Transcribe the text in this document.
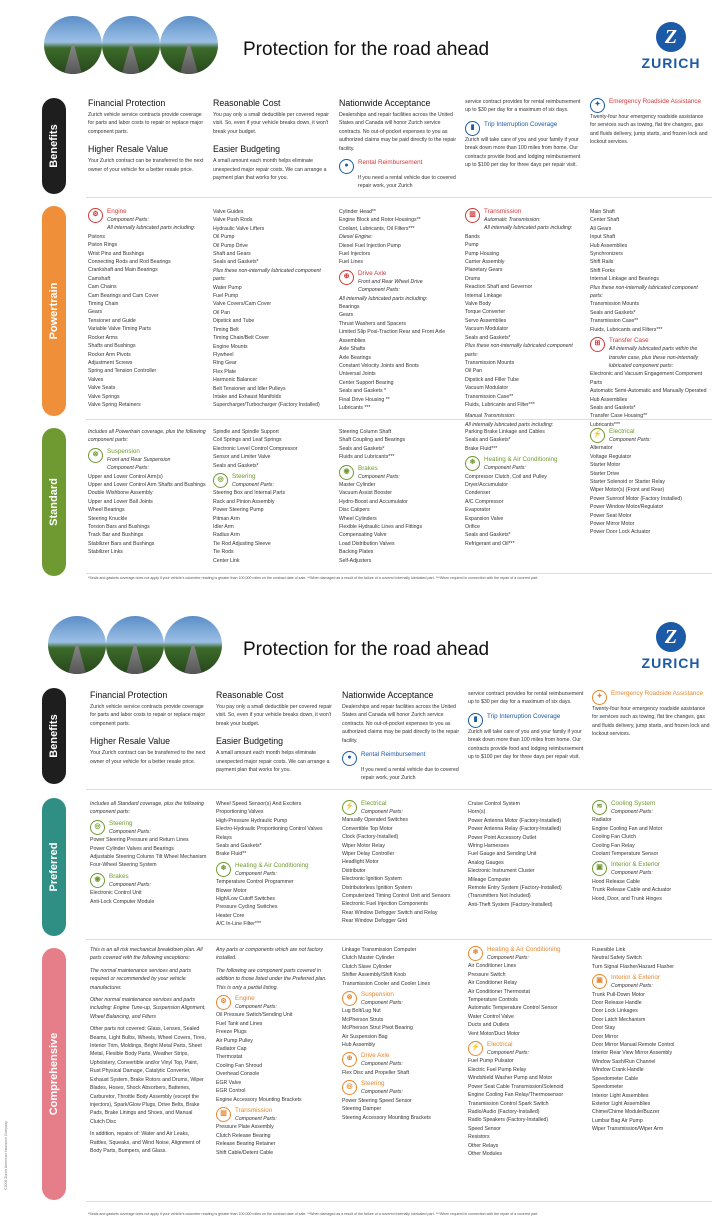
Protection for the road ahead
Z
ZURICH
Benefits
Powertrain
Standard
Financial Protection

Zurich vehicle service contracts provide coverage for parts and labor costs to repair or replace major component parts.

Higher Resale Value

Your Zurich contract can be transferred to the next owner of your vehicle for a better resale price.

Reasonable Cost

You pay only a small deductible per covered repair visit. So, even if your vehicle breaks down, it won't break your budget.

Easier Budgeting

A small amount each month helps eliminate unexpected major repair costs. We can arrange a payment plan that works for you.

Nationwide Acceptance

Dealerships and repair facilities across the United States and Canada will honor Zurich service contracts. No out-of-pocket expenses to you as authorized claims may be paid directly to the repair facility.

● Rental Reimbursement

If you need a rental vehicle due to covered repair work, your Zurich

service contract provides for rental reimbursement up to $30 per day for a maximum of six days.

▮ Trip Interruption Coverage

Zurich will take care of you and your family if your break down more than 100 miles from home. Our contracts provide food and lodging reimbursement up to $100 per day for three days per repair visit.

✦ Emergency Roadside Assistance

Twenty-four hour emergency roadside assistance for services such as towing, flat tire changes, gas and fluids delivery, jump starts, and frozen lock and lockout services.

⚙ Engine

Component Parts:

All internally lubricated parts including:

Pistons

Piston Rings

Wrist Pins and Bushings

Connecting Rods and Rod Bearings

Crankshaft and Main Bearings

Camshaft

Cam Chains

Cam Bearings and Cam Cover

Timing Chain

Gears

Tensioner and Guide

Variable Valve Timing Parts

Rocker Arms

Shafts and Bushings

Rocker Arm Pivots

Adjustment Screws

Spring and Tension Controller

Valves

Valve Seats

Valve Springs

Valve Spring Retainers

Valve Guides

Valve Push Rods

Hydraulic Valve Lifters

Oil Pump

Oil Pump Drive

Shaft and Gears

Seals and Gaskets*

Plus these non-internally lubricated component parts:

Water Pump

Fuel Pump

Valve Covers/Cam Cover

Oil Pan

Dipstick and Tube

Timing Belt

Timing Chain/Belt Cover

Engine Mounts

Flywheel

Ring Gear

Flex Plate

Harmonic Balancer

Belt Tensioner and Idler Pulleys

Intake and Exhaust Manifolds

Supercharger/Turbocharger (Factory Installed)

Cylinder Head**

Engine Block and Rotor Housings**

Coolant, Lubricants, Oil Filters***

Diesel Engine:

Diesel Fuel Injection Pump

Fuel Injectors

Fuel Lines

⊕ Drive Axle

Front and Rear Wheel Drive

Component Parts:

All internally lubricated parts including:

Bearings

Gears

Thrust Washers and Spacers

Limited Slip Posi-Traction Rear and Front Axle Assemblies

Axle Shafts

Axle Bearings

Constant Velocity Joints and Boots

Universal Joints

Center Support Bearing

Seals and Gaskets *

Final Drive Housing **

Lubricants ***

▥ Transmission

Automatic Transmission:

All internally lubricated parts including:

Bands

Pump

Pump Housing

Carrier Assembly

Planetary Gears

Drums

Reaction Shaft and Governor

Internal Linkage

Valve Body

Torque Converter

Servo Assemblies

Vacuum Modulator

Seals and Gaskets*

Plus these non-internally lubricated component parts:

Transmission Mounts

Oil Pan

Dipstick and Filler Tube

Vacuum Modulator

Transmission Case**

Fluids, Lubricants and Filter***

Manual Transmission:

All internally lubricated parts including:

Main Shaft

Center Shaft

All Gears

Input Shaft

Hub Assemblies

Synchronizers

Shift Rails

Shift Forks

Internal Linkage and Bearings

Plus these non-internally lubricated component parts:

Transmission Mounts

Seals and Gaskets*

Transmission Case**

Fluids, Lubricants and Filters***

⊞ Transfer Case

All internally lubricated parts within the transfer case, plus these non-internally lubricated component parts:

Electronic and Vacuum Engagement Component Parts

Automatic Semi-Automatic and Manually Operated Hub Assemblies

Seals and Gaskets*

Transfer Case Housing**

Lubricants***

Includes all Powertrain coverage, plus the following component parts:

⊗ Suspension

Front and Rear Suspension

Component Parts:

Upper and Lower Control Arm(s)

Upper and Lower Control Arm Shafts and Bushings

Double Wishbone Assembly

Upper and Lower Ball Joints

Wheel Bearings

Steering Knuckle

Torsion Bars and Bushings

Track Bar and Bushings

Stabilizer Bars and Bushings

Stabilizer Links

Spindle and Spindle Support

Coil Springs and Leaf Springs

Electronic Level Control Compressor

Sensor and Limiter Valve

Seals and Gaskets*

◎ Steering

Component Parts:

Steering Box and Internal Parts

Rack and Pinion Assembly

Power Steering Pump

Pitman Arm

Idler Arm

Radius Arm

Tie Rod Adjusting Sleeve

Tie Rods

Center Link

Steering Column Shaft

Shaft Coupling and Bearings

Seals and Gaskets*

Fluids and Lubricants***

◉ Brakes

Component Parts:

Master Cylinder

Vacuum Assist Booster

Hydro-Boost and Accumulator

Disc Calipers

Wheel Cylinders

Flexible Hydraulic Lines and Fittings

Compensating Valve

Load Distribution Valves

Backing Plates

Self-Adjusters

Parking Brake Linkage and Cables

Seals and Gaskets*

Brake Fluid***

❄ Heating & Air Conditioning

Component Parts:

Compressor Clutch, Coil and Pulley

Dryer/Accumulator

Condenser

A/C Compressor

Evaporator

Expansion Valve

Orifice

Seals and Gaskets*

Refrigerant and Oil***

⚡ Electrical

Component Parts:

Alternator

Voltage Regulator

Starter Motor

Starter Drive

Starter Solenoid or Starter Relay

Wiper Motor(s) (Front and Rear)

Power Sunroof Motor (Factory Installed)

Power Window Motor/Regulator

Power Seat Motor

Power Mirror Motor

Power Door Lock Actuator

*Seals and gaskets coverage does not apply if your vehicle's odometer reading is greater than 100,000 miles on the contract date of sale. **When damaged as a result of the failure of a covered internally lubricated part. ***When required in connection with the repair of a covered part.
Protection for the road ahead
Z
ZURICH
Benefits
Preferred
Comprehensive
Financial Protection

Zurich vehicle service contracts provide coverage for parts and labor costs to repair or replace major component parts.

Higher Resale Value

Your Zurich contract can be transferred to the next owner of your vehicle for a better resale price.

Reasonable Cost

You pay only a small deductible per covered repair visit. So, even if your vehicle breaks down, it won't break your budget.

Easier Budgeting

A small amount each month helps eliminate unexpected major repair costs. We can arrange a payment plan that works for you.

Nationwide Acceptance

Dealerships and repair facilities across the United States and Canada will honor Zurich service contracts. No out-of-pocket expenses to you as authorized claims may be paid directly to the repair facility.

● Rental Reimbursement

If you need a rental vehicle due to covered repair work, your Zurich

service contract provides for rental reimbursement up to $30 per day for a maximum of six days.

▮ Trip Interruption Coverage

Zurich will take care of you and your family if your break down more than 100 miles from home. Our contracts provide food and lodging reimbursement up to $100 per day for three days per repair visit.

✦ Emergency Roadside Assistance

Twenty-four hour emergency roadside assistance for services such as towing, flat tire changes, gas and fluids delivery, jump starts, and frozen lock and lockout services.

Includes all Standard coverage, plus the following component parts:

◎ Steering

Component Parts:

Power Steering Pressure and Return Lines

Power Cylinder Valves and Bearings

Adjustable Steering Column Tilt Wheel Mechanism

Four-Wheel Steering System

◉ Brakes

Component Parts:

Electronic Control Unit

Anti-Lock Computer Module

Wheel Speed Sensor(s) And Exciters

Proportioning Valves

High-Pressure Hydraulic Pump

Electro-Hydraulic Proportioning Control Valves

Relays

Seals and Gaskets*

Brake Fluid**

❄ Heating & Air Conditioning

Component Parts:

Temperature Control Programmer

Blower Motor

High/Low Cutoff Switches

Pressure Cycling Switches

Heater Core

A/C In-Line Filter***

⚡ Electrical

Component Parts:

Manually Operated Switches

Convertible Top Motor

Clock (Factory-Installed)

Wiper Motor Relay

Wiper Delay Controller

Headlight Motor

Distributor

Electronic Ignition System

Distributorless Ignition System

Computerized Timing Control Unit and Sensors

Electronic Fuel Injection Components

Rear Window Defogger Switch and Relay

Rear Window Defogger Grid

Cruise Control System

Horn(s)

Power Antenna Motor (Factory-Installed)

Power Antenna Relay (Factory-Installed)

Power Point Accessory Outlet

Wiring Harnesses

Fuel Gauge and Sending Unit

Analog Gauges

Electronic Instrument Cluster

Mileage Computer

Remote Entry System (Factory-Installed) (Transmitters Not Included)

Anti-Theft System (Factory-Installed)

≋ Cooling System

Component Parts:

Radiator

Engine Cooling Fan and Motor

Cooling Fan Clutch

Cooling Fan Relay

Coolant Temperature Sensor

▣ Interior & Exterior

Component Parts:

Hood Release Cable

Trunk Release Cable and Actuator

Hood, Door, and Trunk Hinges

This is an all risk mechanical breakdown plan. All parts covered with the following exceptions:

The normal maintenance services and parts required or recommended by your vehicle manufacturer.

Other normal maintenance services and parts including: Engine Tune-up, Suspension Alignment, Wheel Balancing, and Filters

Other parts not covered: Glass, Lenses, Sealed Beams, Light Bulbs, Wheels, Wheel Covers, Tires, Interior Trim, Moldings, Bright Metal Parts, Sheet Metal, Flexible Body Parts, Weather Strips, Upholstery, Convertible and/or Vinyl Top, Paint, Rust Physical Damage, Catalytic Converter, Exhaust System, Brake Rotors and Drums, Wiper Blades, Hoses, Shock Absorbers, Batteries, Carburetor, Throttle Body Assembly (except the injectors), Spark/Glow Plugs, Drive Belts, Brake Pads, Brake Linings and Shoes, and Manual Clutch Disc

In addition, repairs of: Water and Air Leaks, Rattles, Squeaks, and Wind Noise, Alignment of Body Parts, Bumpers, and Glass.

Any parts or components which are not factory installed.

The following are component parts covered in addition to those listed under the Preferred plan. This is only a partial listing.

⚙ Engine

Component Parts:

Oil Pressure Switch/Sending Unit

Fuel Tank and Lines

Freeze Plugs

Air Pump Pulley

Radiator Cap

Thermostat

Cooling Fan Shroud

Overhead Console

EGR Valve

EGR Control

Engine Accessory Mounting Brackets

▥ Transmission

Component Parts:

Pressure Plate Assembly

Clutch Release Bearing

Release Bearing Retainer

Shift Cable/Detent Cable

Linkage Transmission Computer

Clutch Master Cylinder

Clutch Slave Cylinder

Shifter Assembly/Shift Knob

Transmission Cooler and Cooler Lines

⊗ Suspension

Component Parts:

Lug Bolt/Lug Nut

McPherson Struts

McPherson Strut Pivot Bearing

Air Suspension Bag

Hub Assembly

⊕ Drive Axle

Component Parts:

Flex Disc and Propeller Shaft

◎ Steering

Component Parts:

Power Steering Speed Sensor

Steering Damper

Steering Accessory Mounting Brackets

❄ Heating & Air Conditioning

Component Parts:

Air Conditioner Lines

Pressure Switch

Air Conditioner Relay

Air Conditioner Thermostat

Temperature Controls

Automatic Temperature Control Sensor

Water Control Valve

Ducts and Outlets

Vent Motor/Duct Motor

⚡ Electrical

Component Parts:

Fuel Pump Pulsator

Electric Fuel Pump Relay

Windshield Washer Pump and Motor

Power Seat Cable Transmission/Solenoid

Engine Cooling Fan Relay/Thermosensor

Transmission Control Spark Switch

Radio/Audio (Factory-Installed)

Radio Speakers (Factory-Installed)

Speed Sensor

Resistors

Other Relays

Other Modules

Fusesible Link

Neutral Safety Switch

Turn Signal Flasher/Hazard Flasher

▣ Interior & Exterior

Component Parts:

Trunk Pull-Down Motor

Door Release Handle

Door Lock Linkages

Door Latch Mechanism

Door Stay

Door Mirror

Door Mirror Manual Remote Control

Interior Rear View Mirror Assembly

Window Sash/Run Channel

Window Crank Handle

Speedometer Cable

Speedometer

Interior Light Assemblies

Exterior Light Assemblies

Chime/Chime Module/Buzzer

Lumbar Bag Air Pump

Wiper Transmission/Wiper Arm

*Seals and gaskets coverage does not apply if your vehicle's odometer reading is greater than 100,000 miles on the contract date of sale. **When damaged as a result of the failure of a covered internally lubricated part. ***When required in connection with the repair of a covered part.
©2006 Zurich American Insurance Company
